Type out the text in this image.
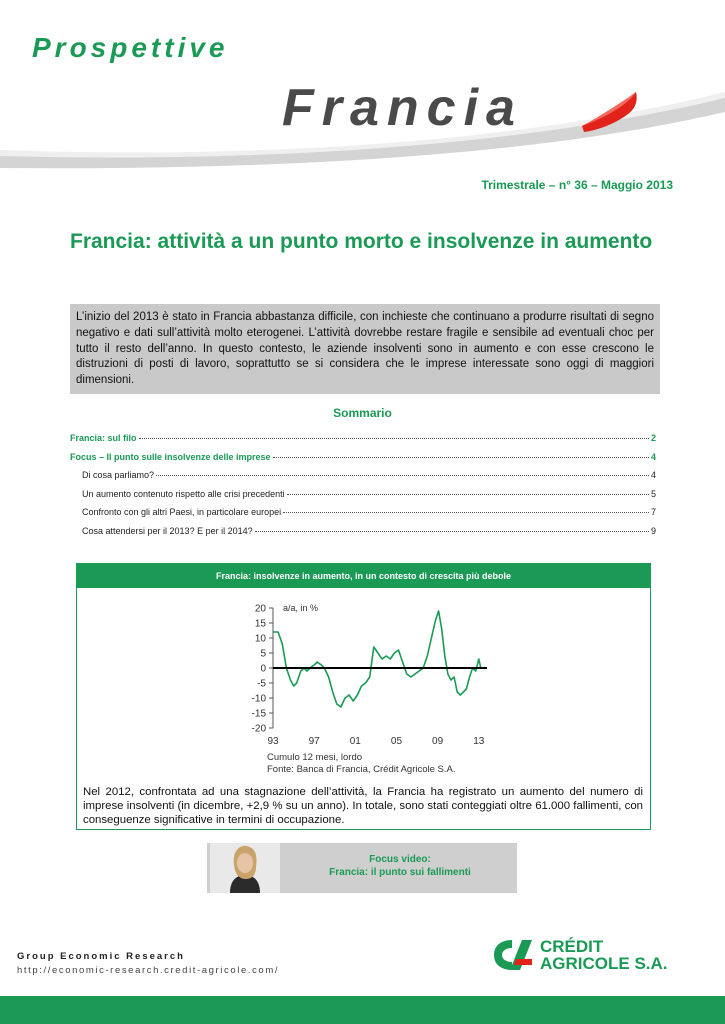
Prospettive
Francia
Trimestrale – n° 36 – Maggio 2013
Francia: attività a un punto morto e insolvenze in aumento
L’inizio del 2013 è stato in Francia abbastanza difficile, con inchieste che continuano a produrre risultati di segno negativo e dati sull’attività molto eterogenei. L’attività dovrebbe restare fragile e sensibile ad eventuali choc per tutto il resto dell’anno. In questo contesto, le aziende insolventi sono in aumento e con esse crescono le distruzioni di posti di lavoro, soprattutto se si considera che le imprese interessate sono oggi di maggiori dimensioni.
Sommario
Francia: sul filo	2
Focus – Il punto sulle insolvenze delle imprese	4
Di cosa parliamo?	4
Un aumento contenuto rispetto alle crisi precedenti	5
Confronto con gli altri Paesi, in particolare europei	7
Cosa attendersi per il 2013? E per il 2014?	9
Francia: insolvenze in aumento, in un contesto di crescita più debole
20
15
10
5
0
-5
-10
-15
-20
a/a, in %
93	97	01	05	09	13
Cumulo 12 mesi, lordo
Fonte: Banca di Francia, Crédit Agricole S.A.
Nel 2012, confrontata ad una stagnazione dell’attività, la Francia ha registrato un aumento del numero di imprese insolventi (in dicembre, +2,9 % su un anno). In totale, sono stati conteggiati oltre 61.000 fallimenti, con conseguenze significative in termini di occupazione.
Focus video:
Francia: il punto sui fallimenti
Group Economic Research
http://economic-research.credit-agricole.com/
CRÉDIT
AGRICOLE S.A.
